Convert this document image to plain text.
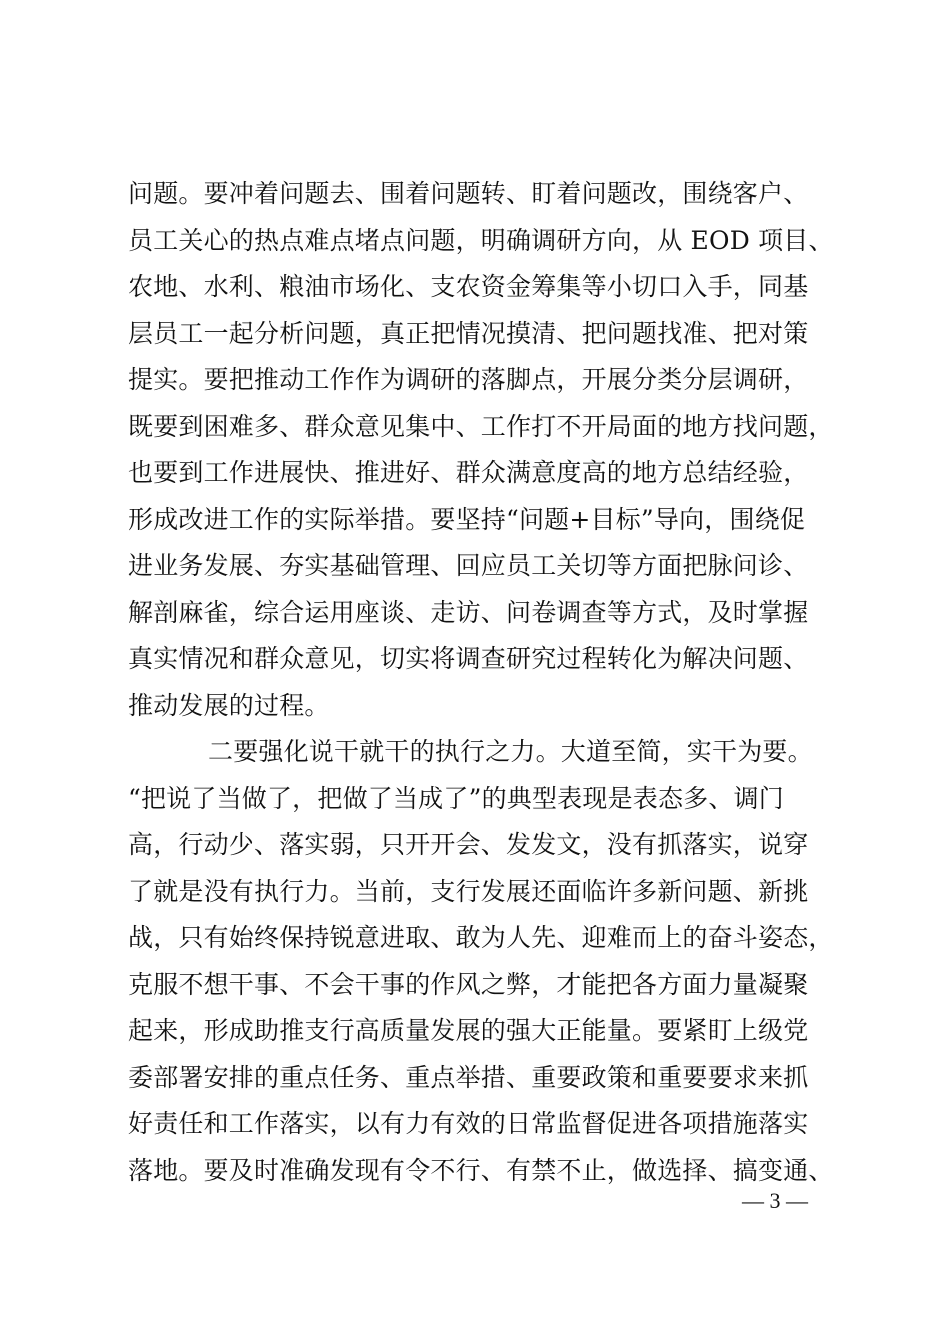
问题。要冲着问题去、围着问题转、盯着问题改，围绕客户、
员工关心的热点难点堵点问题，明确调研方向，从 EOD 项目、
农地、水利、粮油市场化、支农资金筹集等小切口入手，同基
层员工一起分析问题，真正把情况摸清、把问题找准、把对策
提实。要把推动工作作为调研的落脚点，开展分类分层调研，
既要到困难多、群众意见集中、工作打不开局面的地方找问题，
也要到工作进展快、推进好、群众满意度高的地方总结经验，
形成改进工作的实际举措。要坚持“问题+目标”导向，围绕促
进业务发展、夯实基础管理、回应员工关切等方面把脉问诊、
解剖麻雀，综合运用座谈、走访、问卷调查等方式，及时掌握
真实情况和群众意见，切实将调查研究过程转化为解决问题、
推动发展的过程。
二要强化说干就干的执行之力。大道至简，实干为要。
“把说了当做了，把做了当成了”的典型表现是表态多、调门
高，行动少、落实弱，只开开会、发发文，没有抓落实，说穿
了就是没有执行力。当前，支行发展还面临许多新问题、新挑
战，只有始终保持锐意进取、敢为人先、迎难而上的奋斗姿态，
克服不想干事、不会干事的作风之弊，才能把各方面力量凝聚
起来，形成助推支行高质量发展的强大正能量。要紧盯上级党
委部署安排的重点任务、重点举措、重要政策和重要要求来抓
好责任和工作落实，以有力有效的日常监督促进各项措施落实
落地。要及时准确发现有令不行、有禁不止，做选择、搞变通、
— 3 —
